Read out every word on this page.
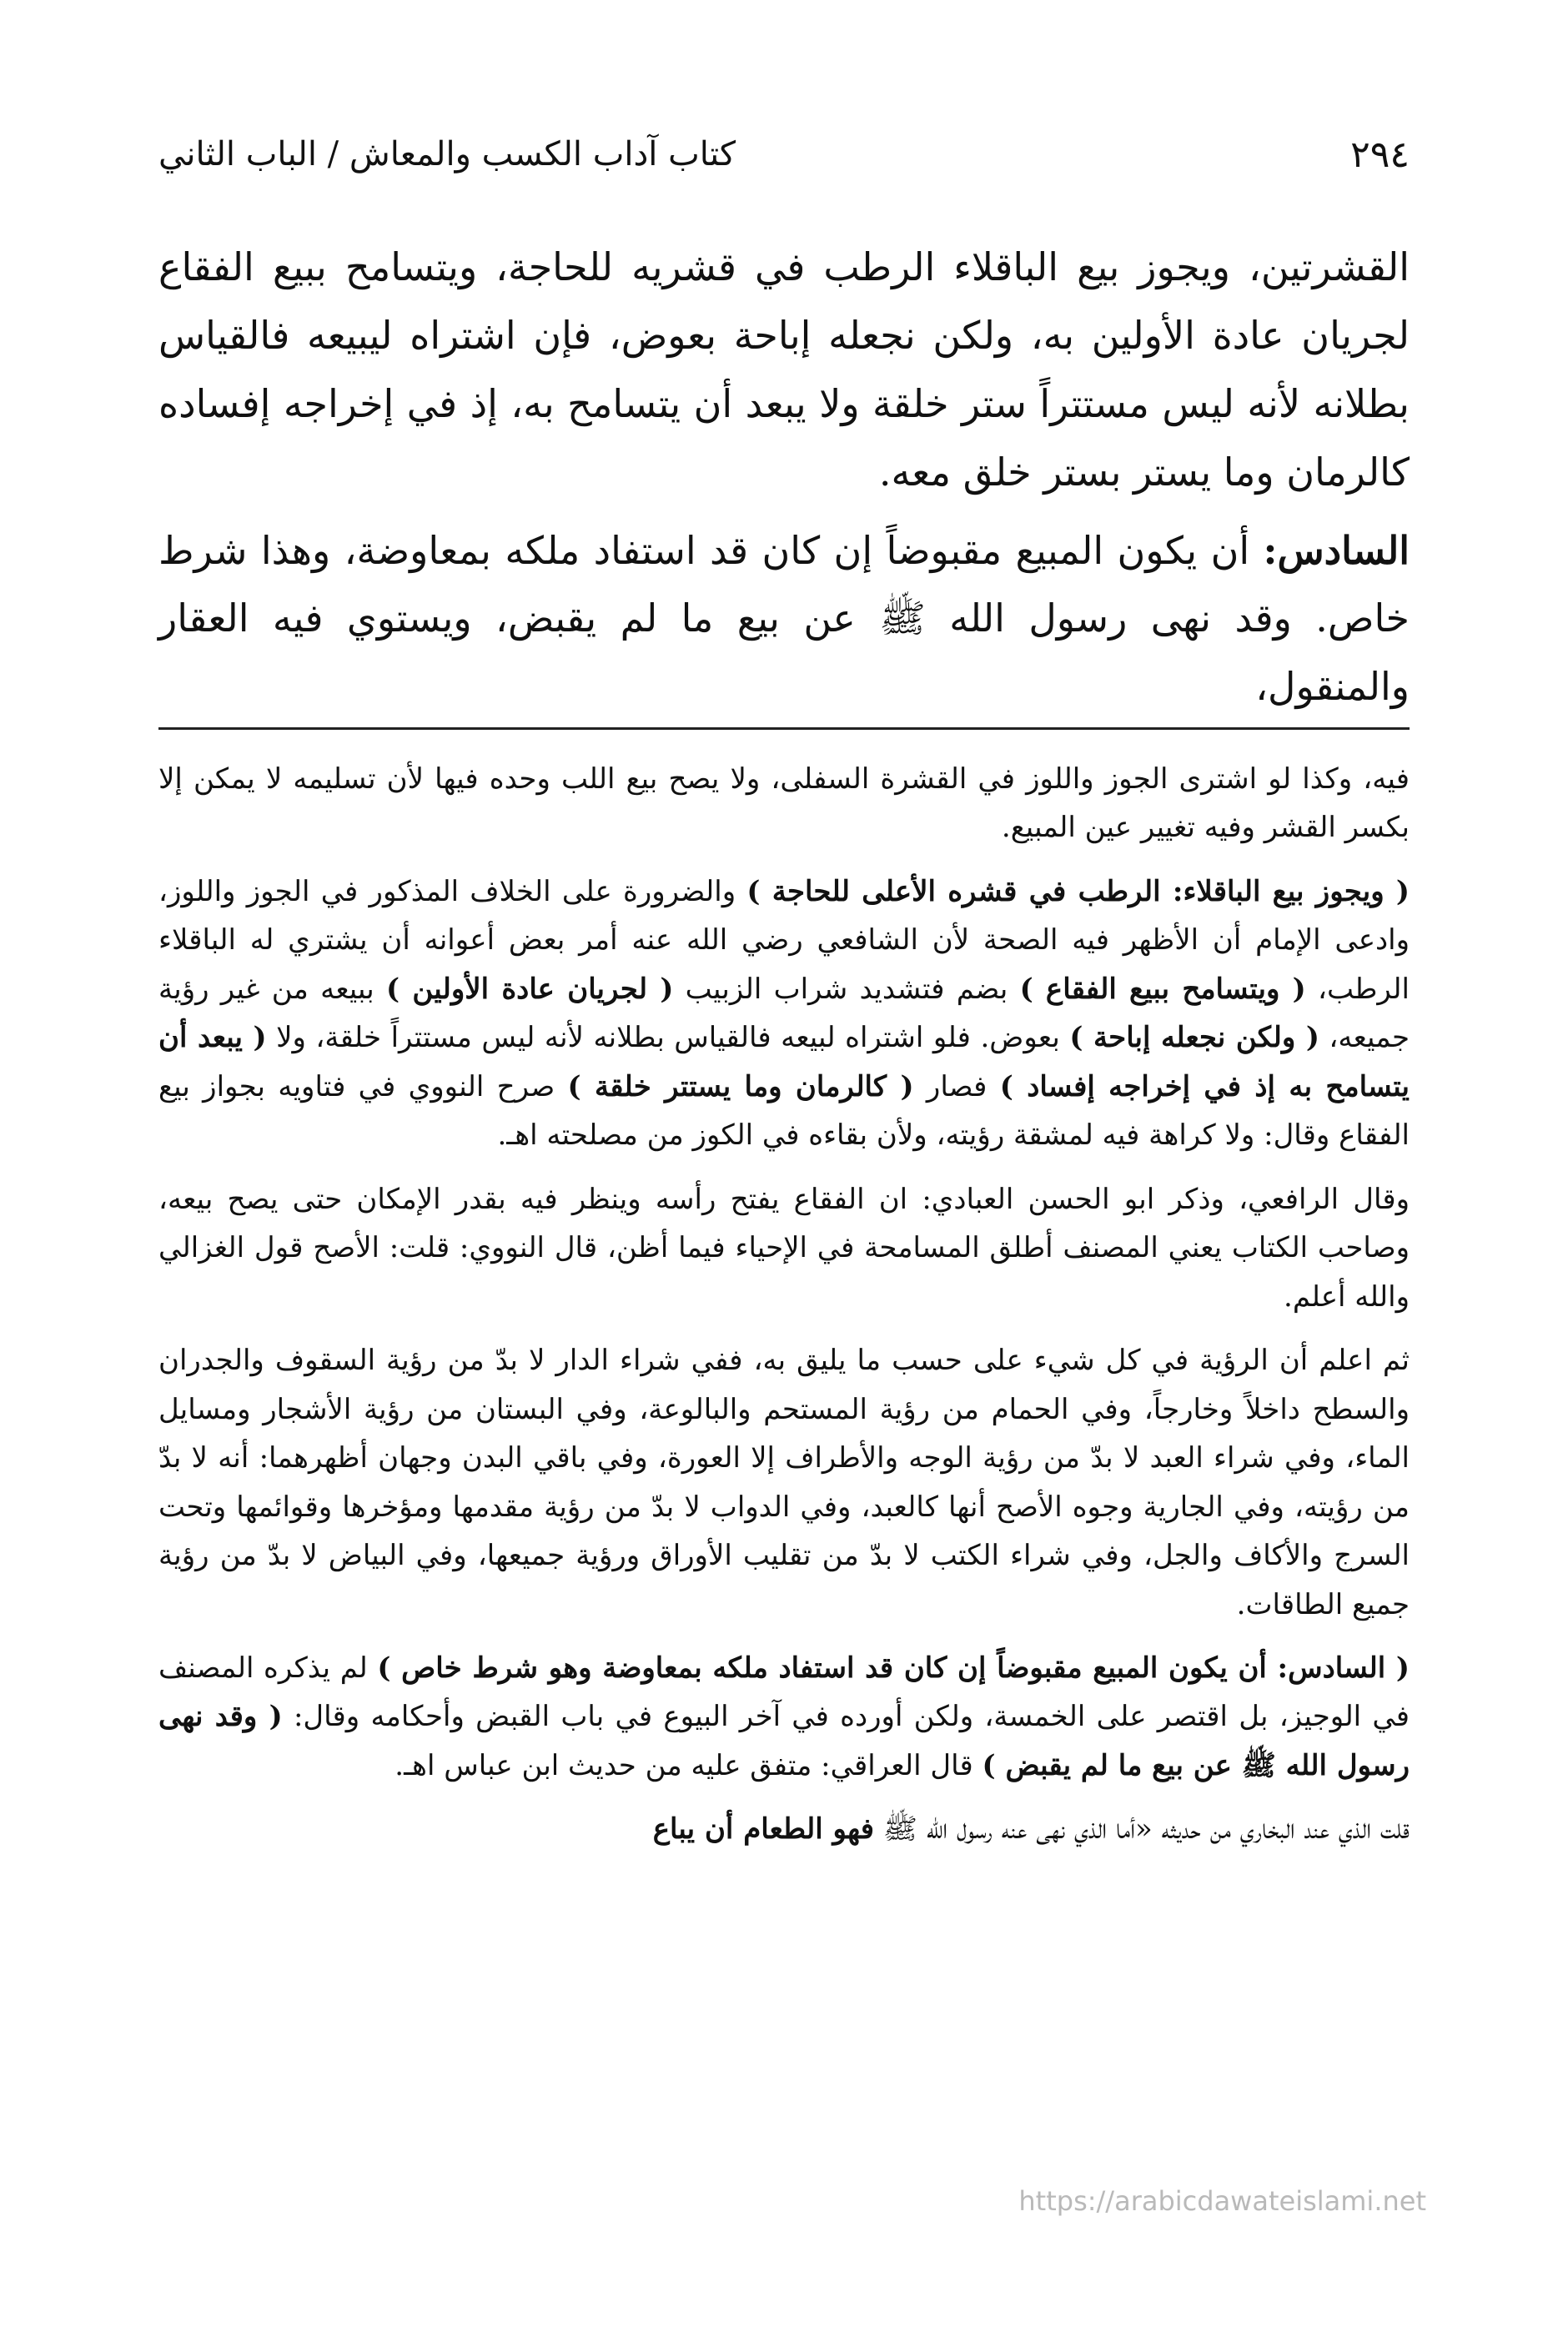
٢٩٤
كتاب آداب الكسب والمعاش / الباب الثاني

القشرتين، ويجوز بيع الباقلاء الرطب في قشريه للحاجة، ويتسامح ببيع الفقاع لجريان عادة الأولين به، ولكن نجعله إباحة بعوض، فإن اشتراه ليبيعه فالقياس بطلانه لأنه ليس مستتراً ستر خلقة ولا يبعد أن يتسامح به، إذ في إخراجه إفساده كالرمان وما يستر بستر خلق معه.

السادس: أن يكون المبيع مقبوضاً إن كان قد استفاد ملكه بمعاوضة، وهذا شرط خاص. وقد نهى رسول الله ﷺ عن بيع ما لم يقبض، ويستوي فيه العقار والمنقول،

فيه، وكذا لو اشترى الجوز واللوز في القشرة السفلى، ولا يصح بيع اللب وحده فيها لأن تسليمه لا يمكن إلا بكسر القشر وفيه تغيير عين المبيع.

( ويجوز بيع الباقلاء: الرطب في قشره الأعلى للحاجة ) والضرورة على الخلاف المذكور في الجوز واللوز، وادعى الإمام أن الأظهر فيه الصحة لأن الشافعي رضي الله عنه أمر بعض أعوانه أن يشتري له الباقلاء الرطب، ( ويتسامح ببيع الفقاع ) بضم فتشديد شراب الزبيب ( لجريان عادة الأولين ) ببيعه من غير رؤية جميعه، ( ولكن نجعله إباحة ) بعوض. فلو اشتراه لبيعه فالقياس بطلانه لأنه ليس مستتراً خلقة، ولا ( يبعد أن يتسامح به إذ في إخراجه إفساد ) فصار ( كالرمان وما يستتر خلقة ) صرح النووي في فتاويه بجواز بيع الفقاع وقال: ولا كراهة فيه لمشقة رؤيته، ولأن بقاءه في الكوز من مصلحته اهـ.

وقال الرافعي، وذكر ابو الحسن العبادي: ان الفقاع يفتح رأسه وينظر فيه بقدر الإمكان حتى يصح بيعه، وصاحب الكتاب يعني المصنف أطلق المسامحة في الإحياء فيما أظن، قال النووي: قلت: الأصح قول الغزالي والله أعلم.

ثم اعلم أن الرؤية في كل شيء على حسب ما يليق به، ففي شراء الدار لا بدّ من رؤية السقوف والجدران والسطح داخلاً وخارجاً، وفي الحمام من رؤية المستحم والبالوعة، وفي البستان من رؤية الأشجار ومسايل الماء، وفي شراء العبد لا بدّ من رؤية الوجه والأطراف إلا العورة، وفي باقي البدن وجهان أظهرهما: أنه لا بدّ من رؤيته، وفي الجارية وجوه الأصح أنها كالعبد، وفي الدواب لا بدّ من رؤية مقدمها ومؤخرها وقوائمها وتحت السرج والأكاف والجل، وفي شراء الكتب لا بدّ من تقليب الأوراق ورؤية جميعها، وفي البياض لا بدّ من رؤية جميع الطاقات.

( السادس: أن يكون المبيع مقبوضاً إن كان قد استفاد ملكه بمعاوضة وهو شرط خاص ) لم يذكره المصنف في الوجيز، بل اقتصر على الخمسة، ولكن أورده في آخر البيوع في باب القبض وأحكامه وقال: ( وقد نهى رسول الله ﷺ عن بيع ما لم يقبض ) قال العراقي: متفق عليه من حديث ابن عباس اهـ.

قلت الذي عند البخاري من حديثه «أما الذي نهى عنه رسول الله ﷺ فهو الطعام أن يباع

https://arabicdawateislami.net
